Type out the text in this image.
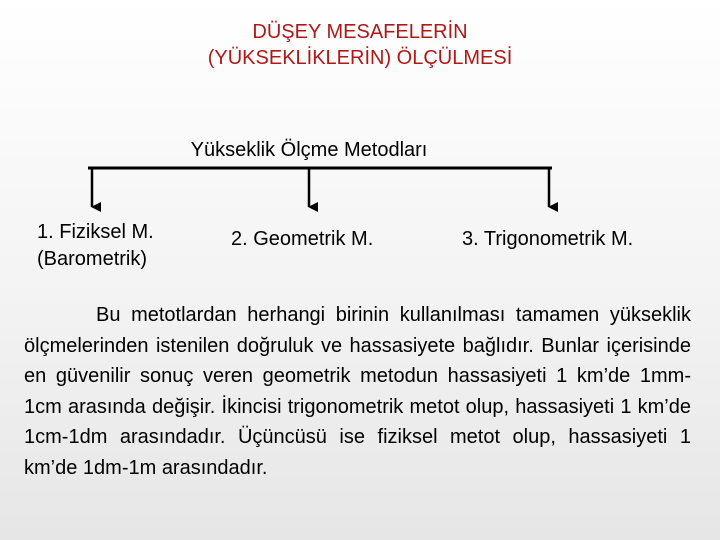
DÜŞEY MESAFELERİN
(YÜKSEKLİKLERİN) ÖLÇÜLMESİ
Yükseklik Ölçme Metodları
1. Fiziksel M.
(Barometrik)
2. Geometrik M.	3. Trigonometrik M.
Bu metotlardan herhangi birinin kullanılması tamamen yükseklik ölçmelerinden istenilen doğruluk ve hassasiyete bağlıdır. Bunlar içerisinde en güvenilir sonuç veren geometrik metodun hassasiyeti 1 km’de 1mm-1cm arasında değişir. İkincisi trigonometrik metot olup, hassasiyeti 1 km’de 1cm-1dm arasındadır. Üçüncüsü ise fiziksel metot olup, hassasiyeti 1 km’de 1dm-1m arasındadır.
